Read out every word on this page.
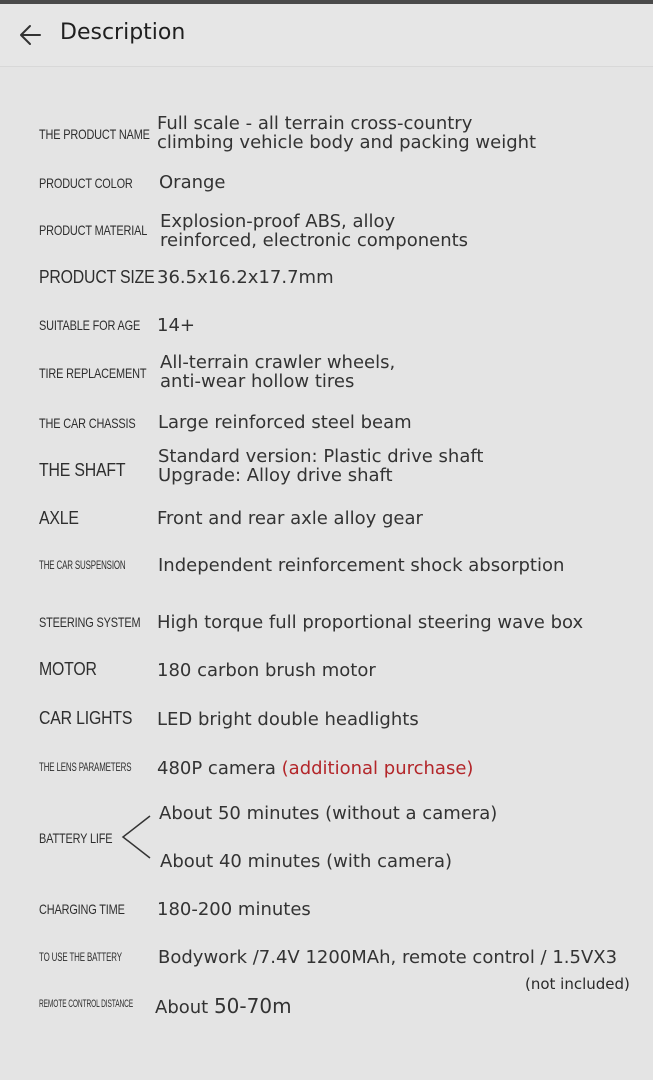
Description
THE PRODUCT NAME Full scale - all terrain cross-country
climbing vehicle body and packing weight
PRODUCT COLOR Orange
PRODUCT MATERIAL Explosion-proof ABS, alloy
reinforced, electronic components
PRODUCT SIZE 36.5x16.2x17.7mm
SUITABLE FOR AGE 14+
TIRE REPLACEMENT All-terrain crawler wheels,
anti-wear hollow tires
THE CAR CHASSIS Large reinforced steel beam
THE SHAFT
Standard version: Plastic drive shaft
Upgrade: Alloy drive shaft
AXLE	Front and rear axle alloy gear
THE CAR SUSPENSION Independent reinforcement shock absorption
STEERING SYSTEM High torque full proportional steering wave box
MOTOR	180 carbon brush motor
CAR LIGHTS LED bright double headlights
THE LENS PARAMETERS 480P camera (additional purchase)
BATTERY LIFE
About 50 minutes (without a camera)
About 40 minutes (with camera)
CHARGING TIME 180-200 minutes
TO USE THE BATTERY Bodywork /7.4V 1200MAh, remote control / 1.5VX3
(not included)
REMOTE CONTROL DISTANCE About 50-70m
